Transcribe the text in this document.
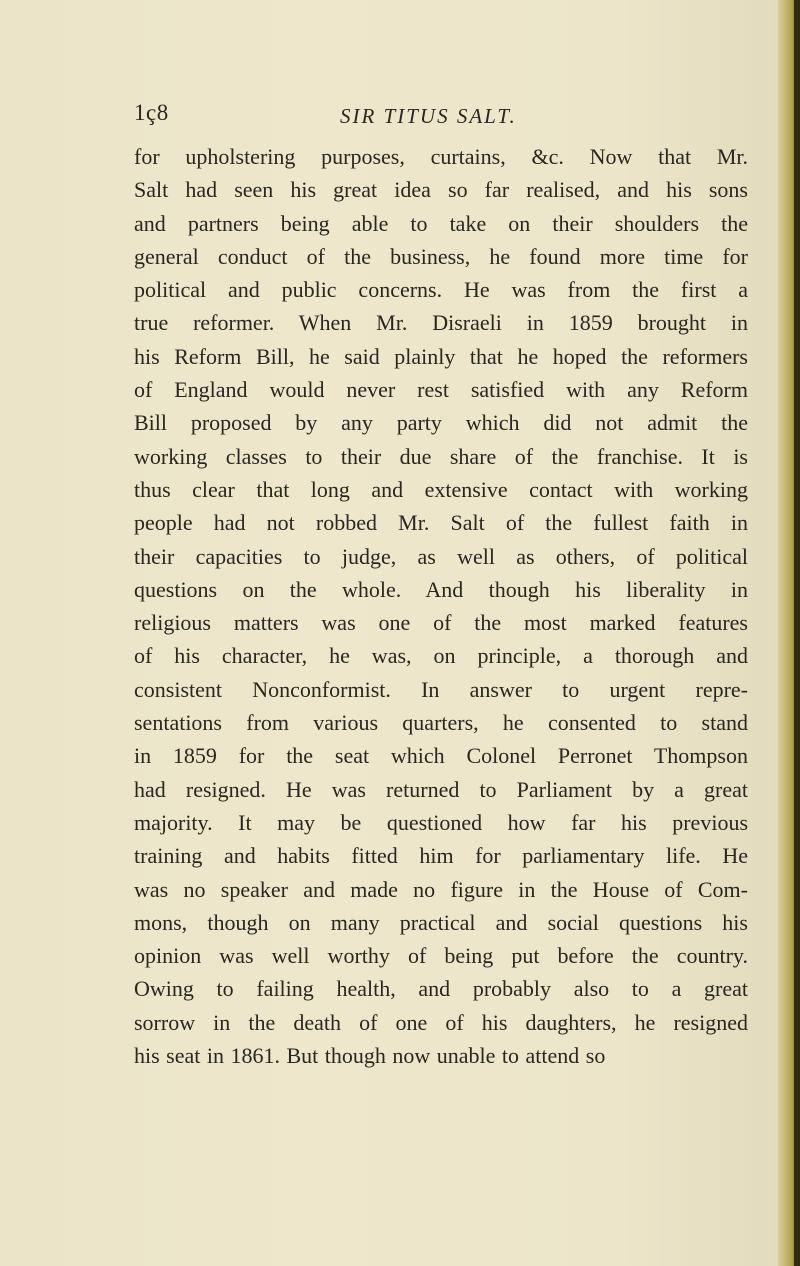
1ç8	SIR TITUS SALT.
for upholstering purposes, curtains, &c. Now that Mr.
Salt had seen his great idea so far realised, and his sons
and partners being able to take on their shoulders the
general conduct of the business, he found more time for
political and public concerns. He was from the first a
true reformer. When Mr. Disraeli in 1859 brought in
his Reform Bill, he said plainly that he hoped the reformers
of England would never rest satisfied with any Reform
Bill proposed by any party which did not admit the
working classes to their due share of the franchise. It is
thus clear that long and extensive contact with working
people had not robbed Mr. Salt of the fullest faith in
their capacities to judge, as well as others, of political
questions on the whole. And though his liberality in
religious matters was one of the most marked features
of his character, he was, on principle, a thorough and
consistent Nonconformist. In answer to urgent repre-
sentations from various quarters, he consented to stand
in 1859 for the seat which Colonel Perronet Thompson
had resigned. He was returned to Parliament by a great
majority. It may be questioned how far his previous
training and habits fitted him for parliamentary life. He
was no speaker and made no figure in the House of Com-
mons, though on many practical and social questions his
opinion was well worthy of being put before the country.
Owing to failing health, and probably also to a great
sorrow in the death of one of his daughters, he resigned
his seat in 1861. But though now unable to attend so
